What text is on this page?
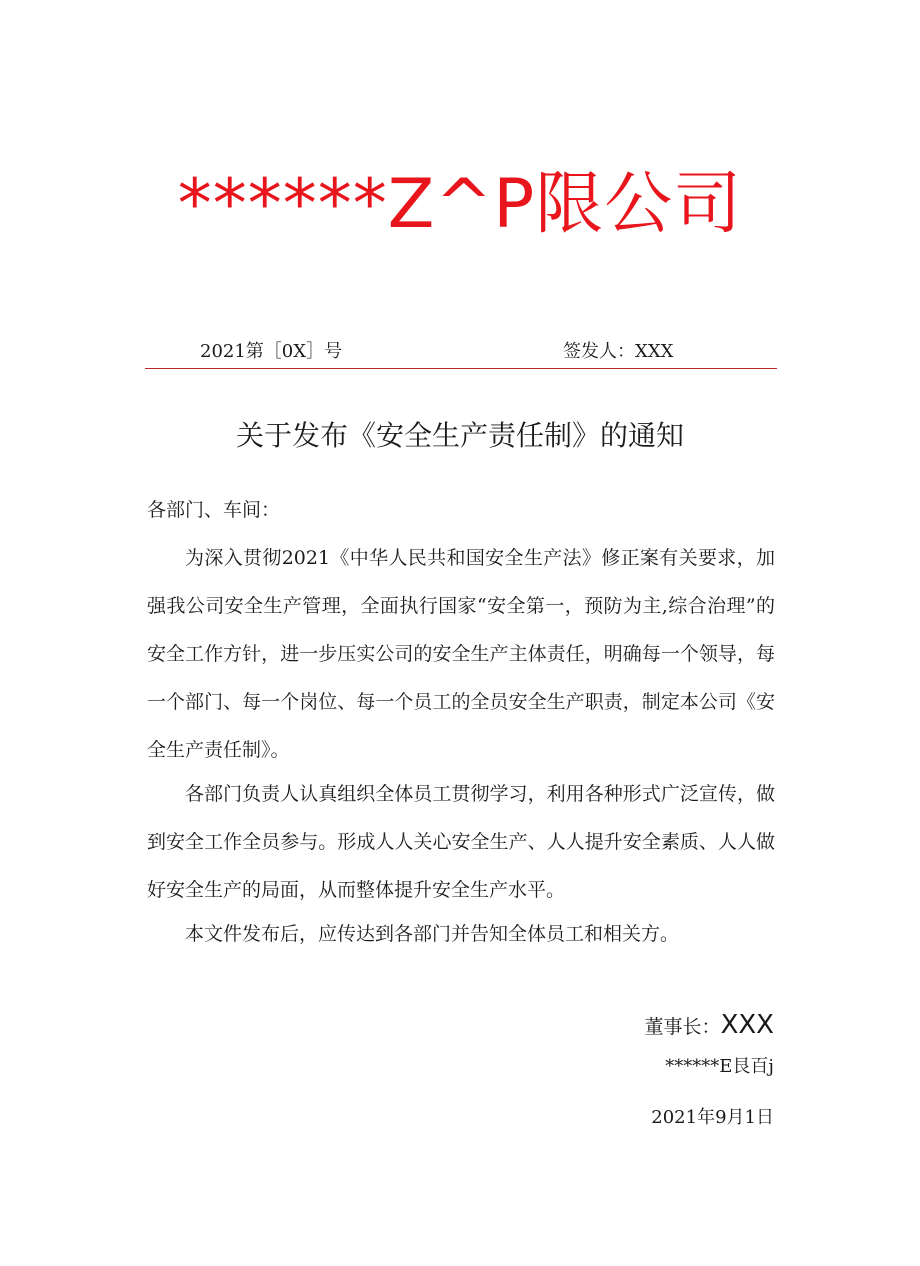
******Z^P限公司
2021第［0X］号	签发人：XXX
关于发布《安全生产责任制》的通知
各部门、车间：
为深入贯彻2021《中华人民共和国安全生产法》修正案有关要求，加强我公司安全生产管理，全面执行国家“安全第一，预防为主,综合治理”的安全工作方针，进一步压实公司的安全生产主体责任，明确每一个领导，每一个部门、每一个岗位、每一个员工的全员安全生产职责，制定本公司《安全生产责任制》。
各部门负责人认真组织全体员工贯彻学习，利用各种形式广泛宣传，做到安全工作全员参与。形成人人关心安全生产、人人提升安全素质、人人做好安全生产的局面，从而整体提升安全生产水平。
本文件发布后，应传达到各部门并告知全体员工和相关方。
董事长：XXX
******E艮百j
2021年9月1日
